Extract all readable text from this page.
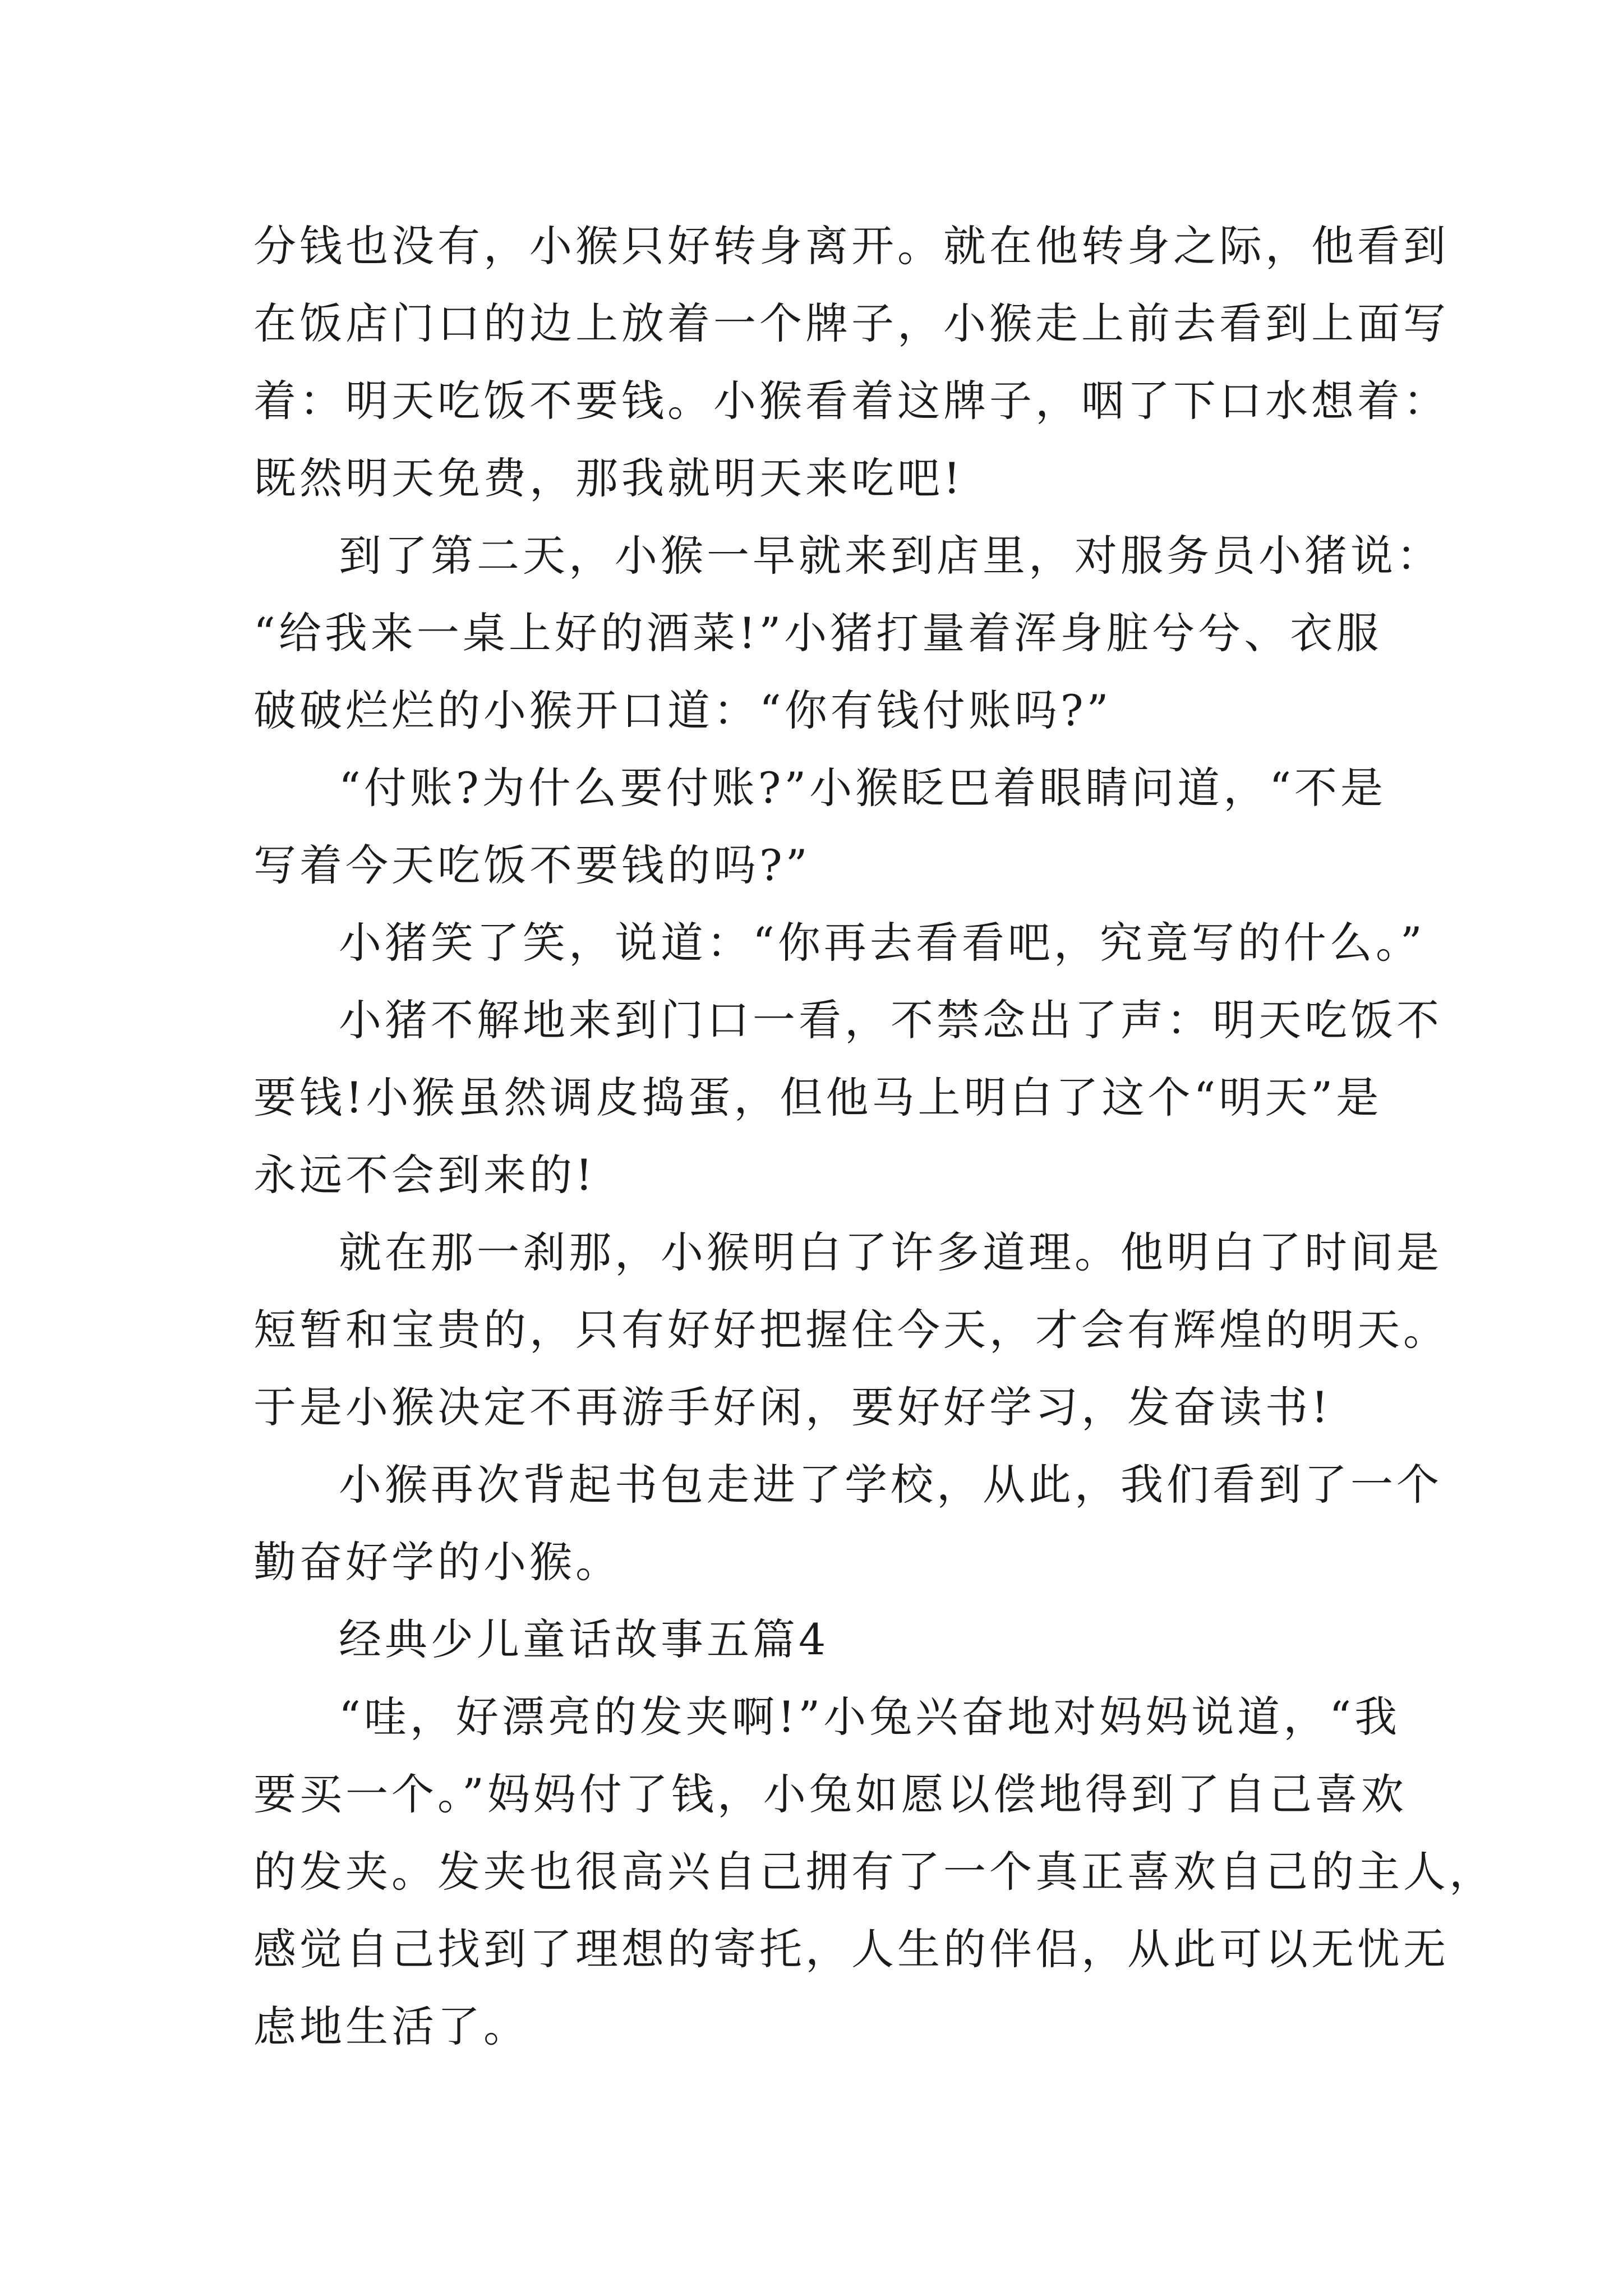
分钱也没有，小猴只好转身离开。就在他转身之际，他看到
在饭店门口的边上放着一个牌子，小猴走上前去看到上面写
着：明天吃饭不要钱。小猴看着这牌子，咽了下口水想着：
既然明天免费，那我就明天来吃吧!
到了第二天，小猴一早就来到店里，对服务员小猪说：
“给我来一桌上好的酒菜!”小猪打量着浑身脏兮兮、衣服
破破烂烂的小猴开口道：“你有钱付账吗?”
“付账?为什么要付账?”小猴眨巴着眼睛问道，“不是
写着今天吃饭不要钱的吗?”
小猪笑了笑，说道：“你再去看看吧，究竟写的什么。”
小猪不解地来到门口一看，不禁念出了声：明天吃饭不
要钱!小猴虽然调皮捣蛋，但他马上明白了这个“明天”是
永远不会到来的!
就在那一刹那，小猴明白了许多道理。他明白了时间是
短暂和宝贵的，只有好好把握住今天，才会有辉煌的明天。
于是小猴决定不再游手好闲，要好好学习，发奋读书!
小猴再次背起书包走进了学校，从此，我们看到了一个
勤奋好学的小猴。
经典少儿童话故事五篇4
“哇，好漂亮的发夹啊!”小兔兴奋地对妈妈说道，“我
要买一个。”妈妈付了钱，小兔如愿以偿地得到了自己喜欢
的发夹。发夹也很高兴自己拥有了一个真正喜欢自己的主人，
感觉自己找到了理想的寄托，人生的伴侣，从此可以无忧无
虑地生活了。
